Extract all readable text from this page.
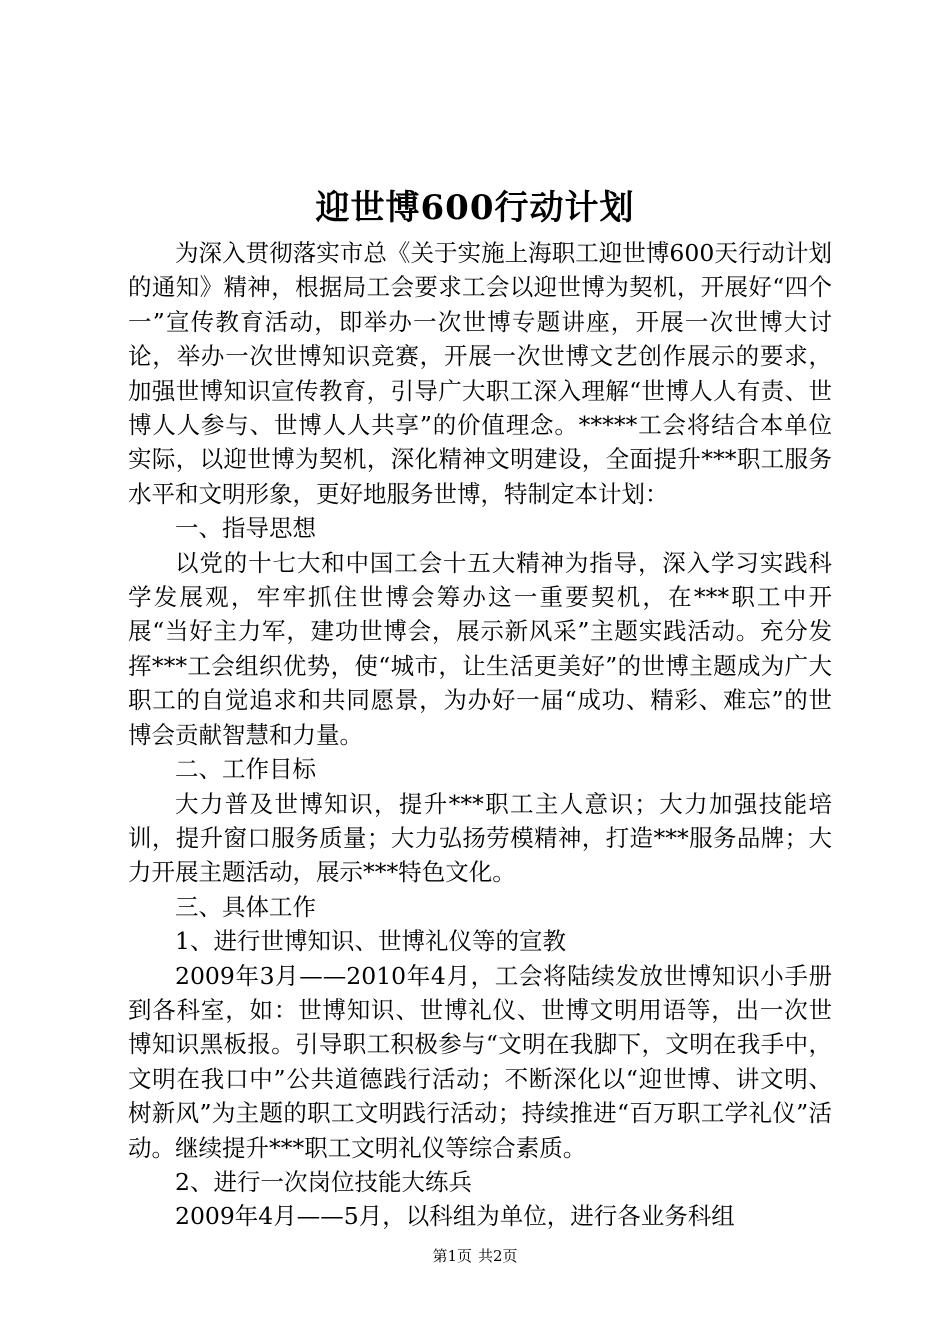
迎世博600行动计划

为深入贯彻落实市总《关于实施上海职工迎世博600天行动计划的通知》精神，根据局工会要求工会以迎世博为契机，开展好“四个一”宣传教育活动，即举办一次世博专题讲座，开展一次世博大讨论，举办一次世博知识竞赛，开展一次世博文艺创作展示的要求，加强世博知识宣传教育，引导广大职工深入理解“世博人人有责、世博人人参与、世博人人共享”的价值理念。*****工会将结合本单位实际，以迎世博为契机，深化精神文明建设，全面提升***职工服务水平和文明形象，更好地服务世博，特制定本计划：

一、指导思想

以党的十七大和中国工会十五大精神为指导，深入学习实践科学发展观，牢牢抓住世博会筹办这一重要契机，在***职工中开展“当好主力军，建功世博会，展示新风采”主题实践活动。充分发挥***工会组织优势，使“城市，让生活更美好”的世博主题成为广大职工的自觉追求和共同愿景，为办好一届“成功、精彩、难忘”的世博会贡献智慧和力量。

二、工作目标

大力普及世博知识，提升***职工主人意识；大力加强技能培训，提升窗口服务质量；大力弘扬劳模精神，打造***服务品牌；大力开展主题活动，展示***特色文化。

三、具体工作

1、进行世博知识、世博礼仪等的宣教

2009年3月——2010年4月，工会将陆续发放世博知识小手册到各科室，如：世博知识、世博礼仪、世博文明用语等，出一次世博知识黑板报。引导职工积极参与“文明在我脚下，文明在我手中，文明在我口中”公共道德践行活动；不断深化以“迎世博、讲文明、树新风”为主题的职工文明践行活动；持续推进“百万职工学礼仪”活动。继续提升***职工文明礼仪等综合素质。

2、进行一次岗位技能大练兵

2009年4月——5月，以科组为单位，进行各业务科组

第1页 共2页
